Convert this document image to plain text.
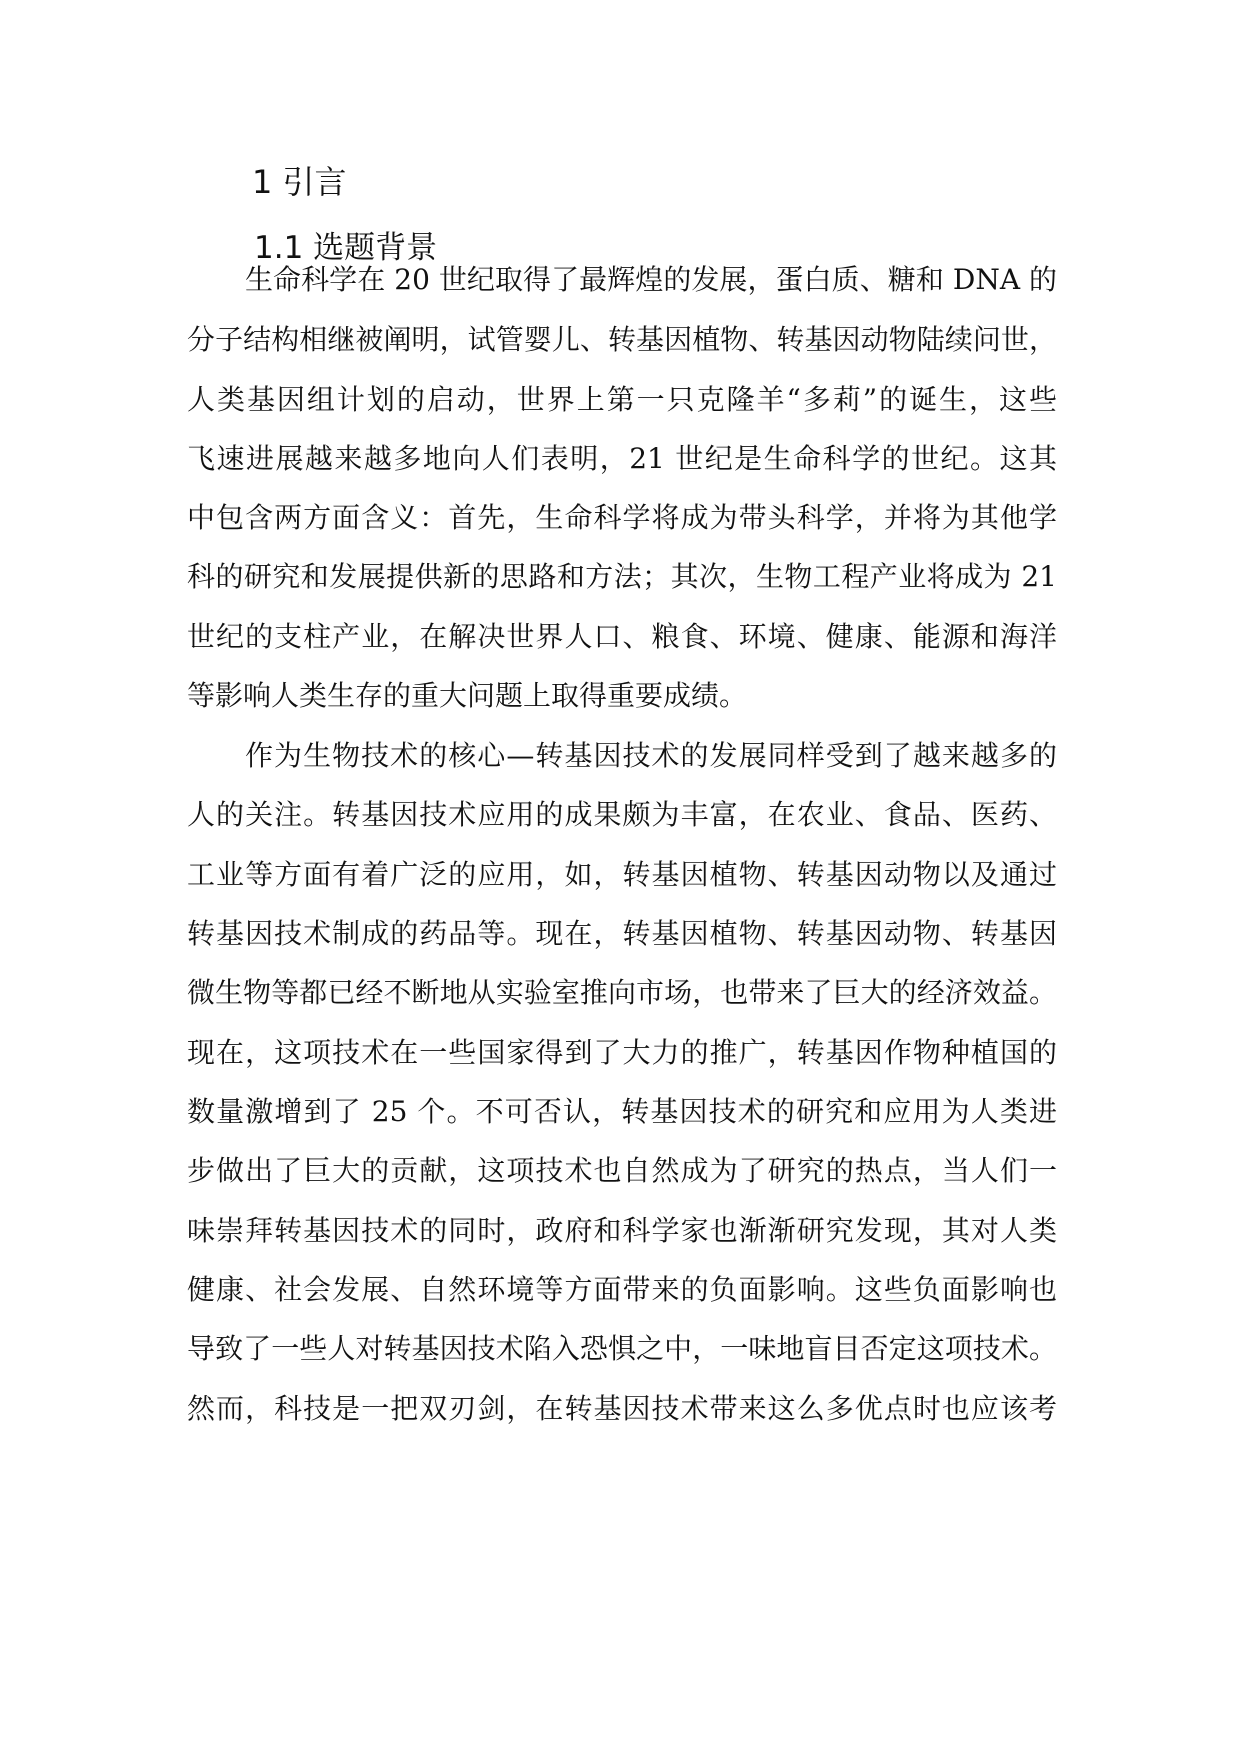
1 引言
1.1 选题背景
生命科学在 20 世纪取得了最辉煌的发展，蛋白质、糖和 DNA 的
分子结构相继被阐明，试管婴儿、转基因植物、转基因动物陆续问世，
人类基因组计划的启动，世界上第一只克隆羊“多莉”的诞生，这些
飞速进展越来越多地向人们表明，21 世纪是生命科学的世纪。这其
中包含两方面含义：首先，生命科学将成为带头科学，并将为其他学
科的研究和发展提供新的思路和方法；其次，生物工程产业将成为 21
世纪的支柱产业，在解决世界人口、粮食、环境、健康、能源和海洋
等影响人类生存的重大问题上取得重要成绩。
作为生物技术的核心—转基因技术的发展同样受到了越来越多的
人的关注。转基因技术应用的成果颇为丰富，在农业、食品、医药、
工业等方面有着广泛的应用，如，转基因植物、转基因动物以及通过
转基因技术制成的药品等。现在，转基因植物、转基因动物、转基因
微生物等都已经不断地从实验室推向市场，也带来了巨大的经济效益。
现在，这项技术在一些国家得到了大力的推广，转基因作物种植国的
数量激增到了 25 个。不可否认，转基因技术的研究和应用为人类进
步做出了巨大的贡献，这项技术也自然成为了研究的热点，当人们一
味崇拜转基因技术的同时，政府和科学家也渐渐研究发现，其对人类
健康、社会发展、自然环境等方面带来的负面影响。这些负面影响也
导致了一些人对转基因技术陷入恐惧之中，一味地盲目否定这项技术。
然而，科技是一把双刃剑，在转基因技术带来这么多优点时也应该考
